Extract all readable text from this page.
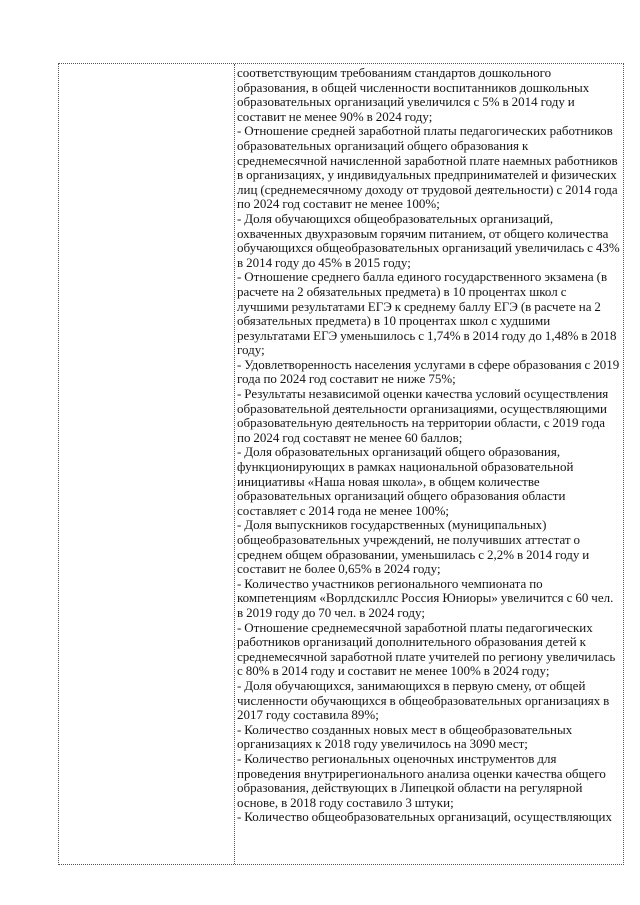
соответствующим требованиям стандартов дошкольного образования, в общей численности воспитанников дошкольных образовательных организаций увеличился с 5% в 2014 году и составит не менее 90% в 2024 году;

- Отношение средней заработной платы педагогических работников образовательных организаций общего образования к среднемесячной начисленной заработной плате наемных работников в организациях, у индивидуальных предпринимателей и физических лиц (среднемесячному доходу от трудовой деятельности) с 2014 года по 2024 год составит не менее 100%;

- Доля обучающихся общеобразовательных организаций, охваченных двухразовым горячим питанием, от общего количества обучающихся общеобразовательных организаций увеличилась с 43% в 2014 году до 45% в 2015 году;

- Отношение среднего балла единого государственного экзамена (в расчете на 2 обязательных предмета) в 10 процентах школ с лучшими результатами ЕГЭ к среднему баллу ЕГЭ (в расчете на 2 обязательных предмета) в 10 процентах школ с худшими результатами ЕГЭ уменьшилось с 1,74% в 2014 году до 1,48% в 2018 году;

- Удовлетворенность населения услугами в сфере образования с 2019 года по 2024 год составит не ниже 75%;

- Результаты независимой оценки качества условий осуществления образовательной деятельности организациями, осуществляющими образовательную деятельность на территории области, с 2019 года по 2024 год составят не менее 60 баллов;

- Доля образовательных организаций общего образования, функционирующих в рамках национальной образовательной инициативы «Наша новая школа», в общем количестве образовательных организаций общего образования области составляет с 2014 года не менее 100%;

- Доля выпускников государственных (муниципальных) общеобразовательных учреждений, не получивших аттестат о среднем общем образовании, уменьшилась с 2,2% в 2014 году и составит не более 0,65% в 2024 году;

- Количество участников регионального чемпионата по компетенциям «Ворлдскиллс Россия Юниоры» увеличится с 60 чел. в 2019 году до 70 чел. в 2024 году;

- Отношение среднемесячной заработной платы педагогических работников организаций дополнительного образования детей к среднемесячной заработной плате учителей по региону увеличилась с 80% в 2014 году и составит не менее 100% в 2024 году;

- Доля обучающихся, занимающихся в первую смену, от общей численности обучающихся в общеобразовательных организациях в 2017 году составила 89%;

- Количество созданных новых мест в общеобразовательных организациях к 2018 году увеличилось на 3090 мест;

- Количество региональных оценочных инструментов для проведения внутрирегионального анализа оценки качества общего образования, действующих в Липецкой области на регулярной основе, в 2018 году составило 3 штуки;

- Количество общеобразовательных организаций, осуществляющих
